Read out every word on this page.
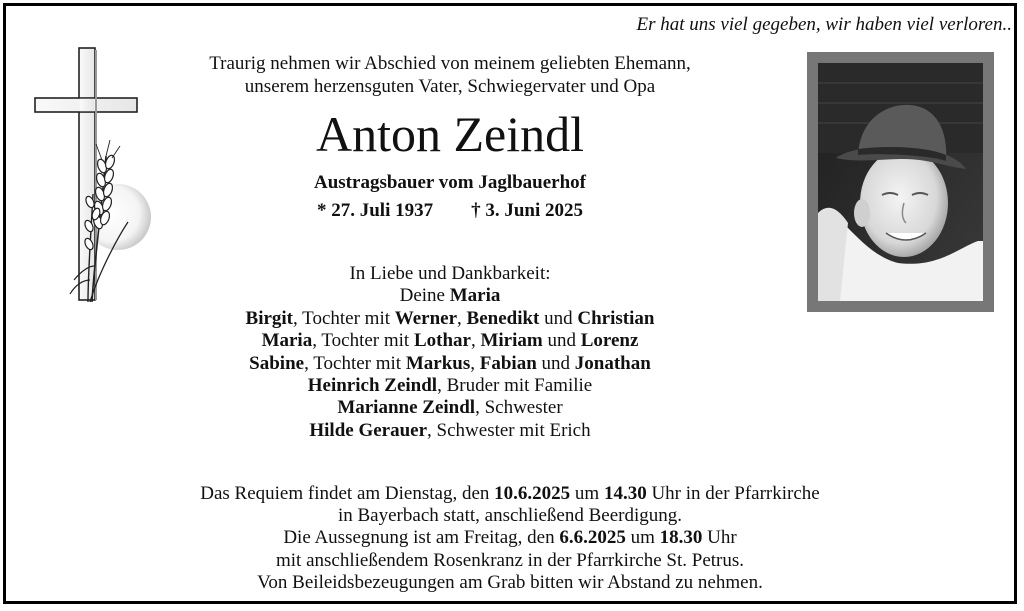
Er hat uns viel gegeben, wir haben viel verloren..
Traurig nehmen wir Abschied von meinem geliebten Ehemann,
unserem herzensguten Vater, Schwiegervater und Opa
Anton Zeindl
Austragsbauer vom Jaglbauerhof
* 27. Juli 1937 † 3. Juni 2025
In Liebe und Dankbarkeit:
Deine Maria
Birgit, Tochter mit Werner, Benedikt und Christian
Maria, Tochter mit Lothar, Miriam und Lorenz
Sabine, Tochter mit Markus, Fabian und Jonathan
Heinrich Zeindl, Bruder mit Familie
Marianne Zeindl, Schwester
Hilde Gerauer, Schwester mit Erich
Das Requiem findet am Dienstag, den 10.6.2025 um 14.30 Uhr in der Pfarrkirche
in Bayerbach statt, anschließend Beerdigung.
Die Aussegnung ist am Freitag, den 6.6.2025 um 18.30 Uhr
mit anschließendem Rosenkranz in der Pfarrkirche St. Petrus.
Von Beileidsbezeugungen am Grab bitten wir Abstand zu nehmen.
